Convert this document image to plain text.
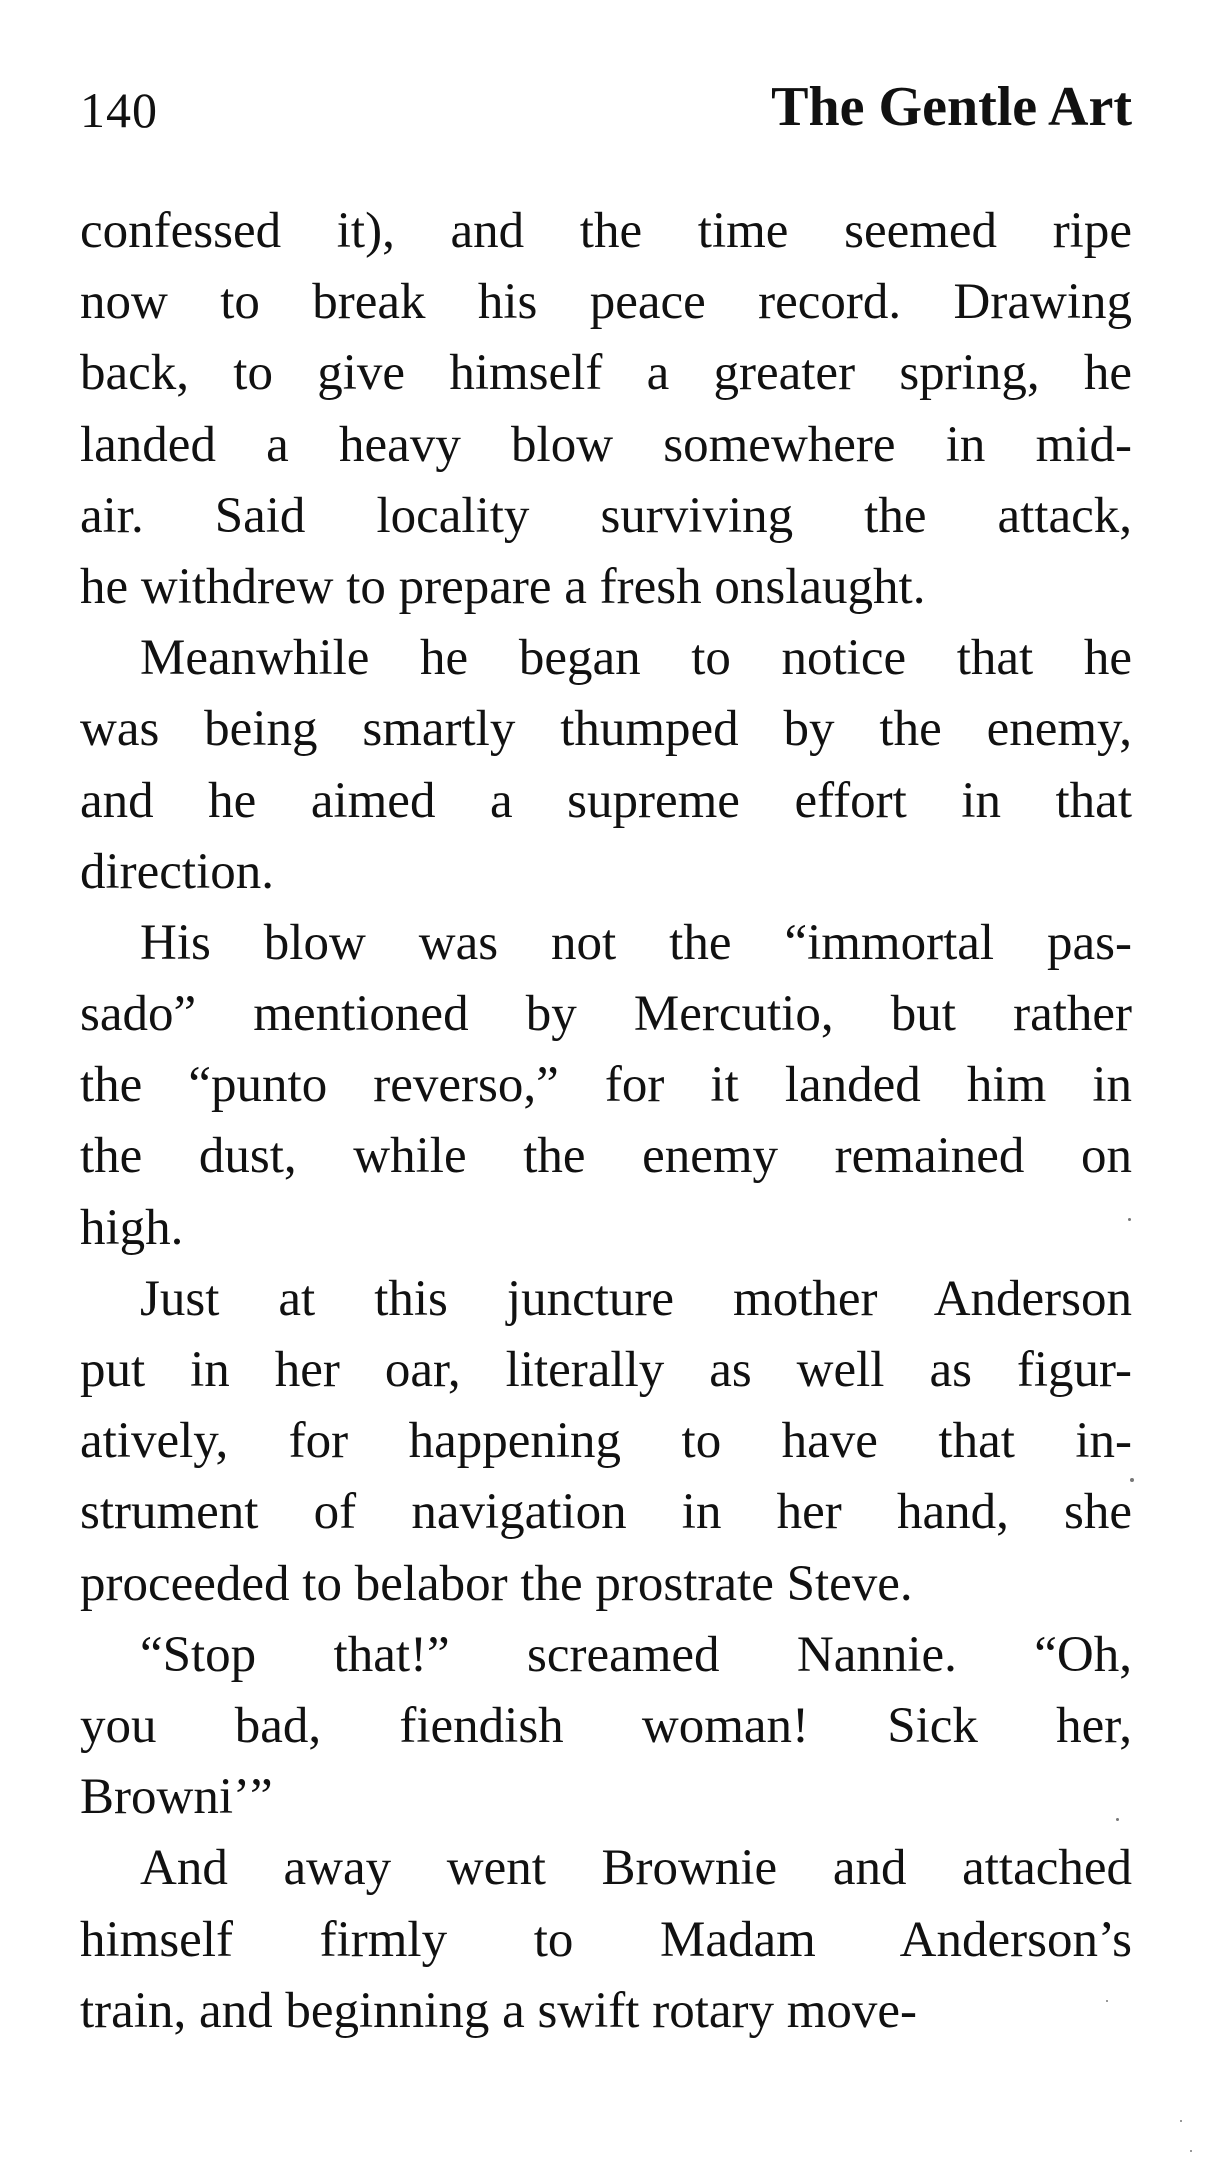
140	The Gentle Art
confessed it), and the time seemed ripe
now to break his peace record. Drawing
back, to give himself a greater spring, he
landed a heavy blow somewhere in mid-
air. Said locality surviving the attack,
he withdrew to prepare a fresh onslaught.
Meanwhile he began to notice that he
was being smartly thumped by the enemy,
and he aimed a supreme effort in that
direction.
His blow was not the “immortal pas-
sado” mentioned by Mercutio, but rather
the “punto reverso,” for it landed him in
the dust, while the enemy remained on
high.
Just at this juncture mother Anderson
put in her oar, literally as well as figur-
atively, for happening to have that in-
strument of navigation in her hand, she
proceeded to belabor the prostrate Steve.
“Stop that!” screamed Nannie. “Oh,
you bad, fiendish woman! Sick her,
Browni’”
And away went Brownie and attached
himself firmly to Madam Anderson’s
train, and beginning a swift rotary move-
